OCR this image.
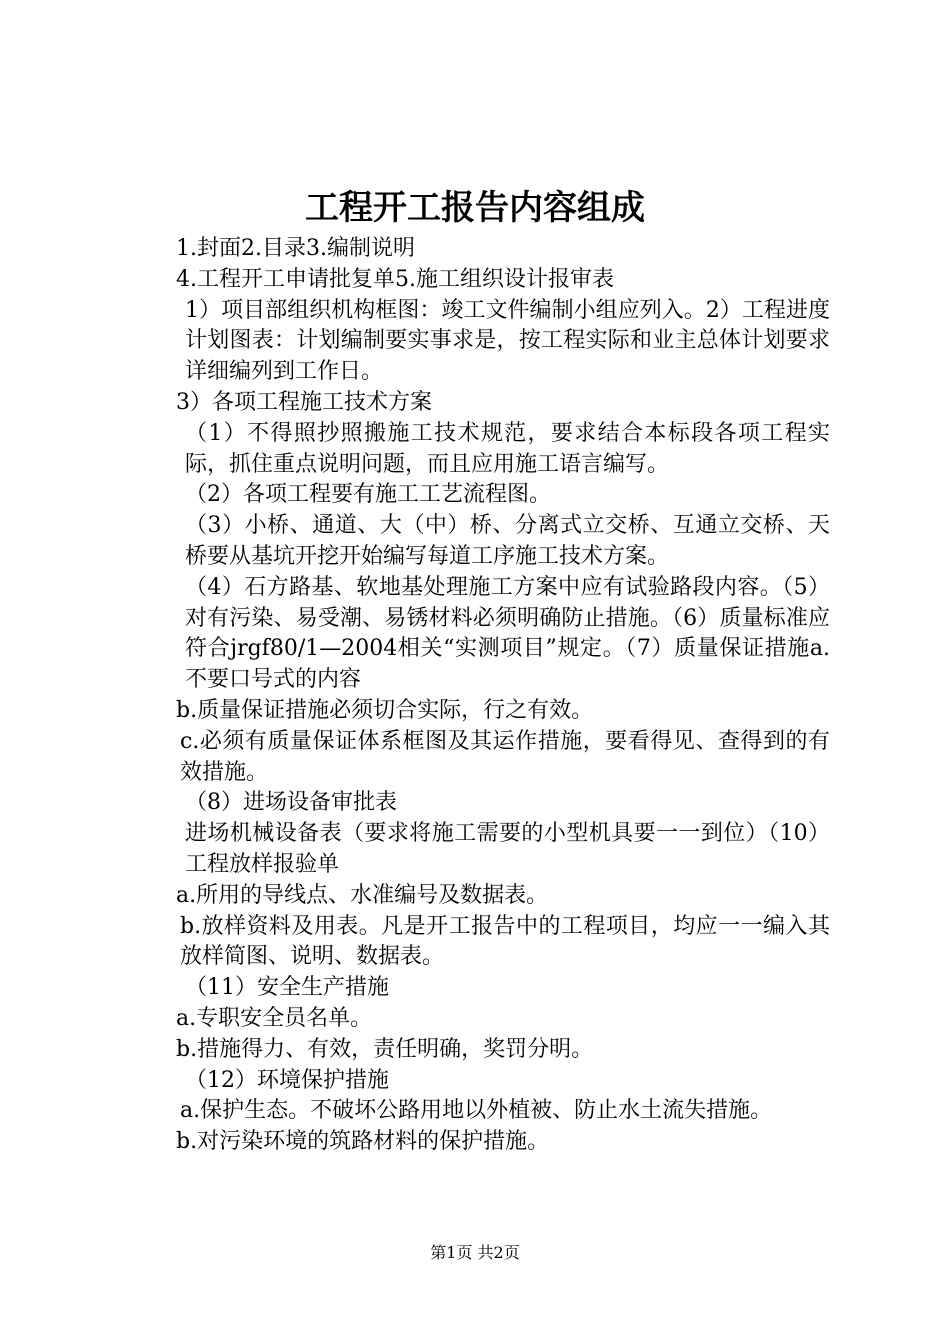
工程开工报告内容组成

1.封面2.目录3.编制说明

4.工程开工申请批复单5.施工组织设计报审表

1）项目部组织机构框图：竣工文件编制小组应列入。2）工程进度计划图表：计划编制要实事求是，按工程实际和业主总体计划要求详细编列到工作日。

3）各项工程施工技术方案

（1）不得照抄照搬施工技术规范，要求结合本标段各项工程实际，抓住重点说明问题，而且应用施工语言编写。

（2）各项工程要有施工工艺流程图。

（3）小桥、通道、大（中）桥、分离式立交桥、互通立交桥、天桥要从基坑开挖开始编写每道工序施工技术方案。

（4）石方路基、软地基处理施工方案中应有试验路段内容。（5）对有污染、易受潮、易锈材料必须明确防止措施。（6）质量标准应符合jrgf80/1—2004相关“实测项目”规定。（7）质量保证措施a.不要口号式的内容

b.质量保证措施必须切合实际，行之有效。

c.必须有质量保证体系框图及其运作措施，要看得见、查得到的有效措施。

（8）进场设备审批表

进场机械设备表（要求将施工需要的小型机具要一一到位）（10）工程放样报验单

a.所用的导线点、水准编号及数据表。

b.放样资料及用表。凡是开工报告中的工程项目，均应一一编入其放样简图、说明、数据表。

（11）安全生产措施

a.专职安全员名单。

b.措施得力、有效，责任明确，奖罚分明。

（12）环境保护措施

a.保护生态。不破坏公路用地以外植被、防止水土流失措施。

b.对污染环境的筑路材料的保护措施。

第1页 共2页
